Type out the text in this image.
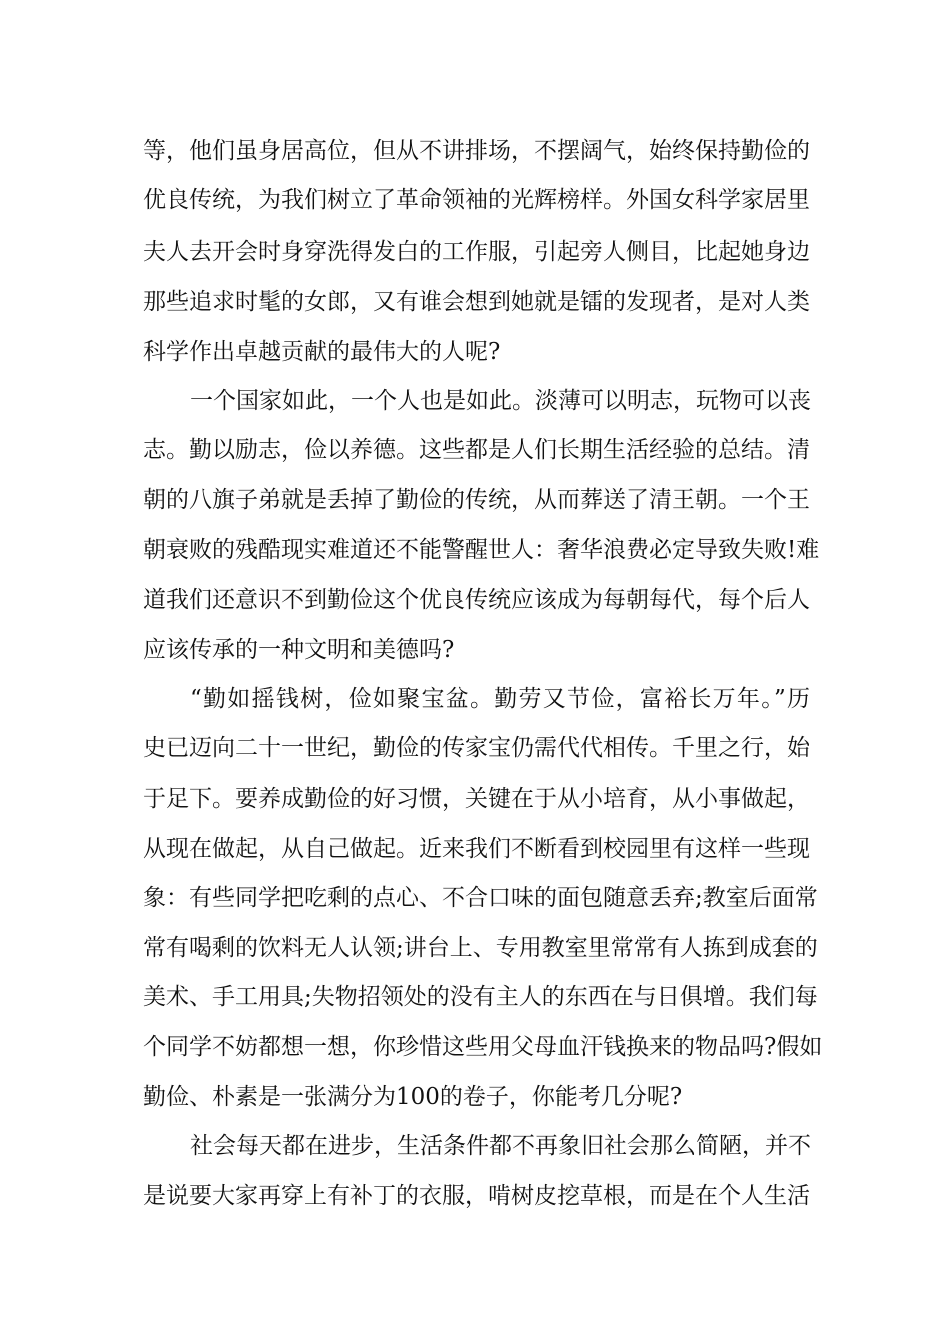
等，他们虽身居高位，但从不讲排场，不摆阔气，始终保持勤俭的
优良传统，为我们树立了革命领袖的光辉榜样。外国女科学家居里
夫人去开会时身穿洗得发白的工作服，引起旁人侧目，比起她身边
那些追求时髦的女郎，又有谁会想到她就是镭的发现者，是对人类
科学作出卓越贡献的最伟大的人呢?
一个国家如此，一个人也是如此。淡薄可以明志，玩物可以丧
志。勤以励志，俭以养德。这些都是人们长期生活经验的总结。清
朝的八旗子弟就是丢掉了勤俭的传统，从而葬送了清王朝。一个王
朝衰败的残酷现实难道还不能警醒世人：奢华浪费必定导致失败!难
道我们还意识不到勤俭这个优良传统应该成为每朝每代，每个后人
应该传承的一种文明和美德吗?
“勤如摇钱树，俭如聚宝盆。勤劳又节俭，富裕长万年。”历
史已迈向二十一世纪，勤俭的传家宝仍需代代相传。千里之行，始
于足下。要养成勤俭的好习惯，关键在于从小培育，从小事做起，
从现在做起，从自己做起。近来我们不断看到校园里有这样一些现
象：有些同学把吃剩的点心、不合口味的面包随意丢弃;教室后面常
常有喝剩的饮料无人认领;讲台上、专用教室里常常有人拣到成套的
美术、手工用具;失物招领处的没有主人的东西在与日俱增。我们每
个同学不妨都想一想，你珍惜这些用父母血汗钱换来的物品吗?假如
勤俭、朴素是一张满分为100的卷子，你能考几分呢?
社会每天都在进步，生活条件都不再象旧社会那么简陋，并不
是说要大家再穿上有补丁的衣服，啃树皮挖草根，而是在个人生活
